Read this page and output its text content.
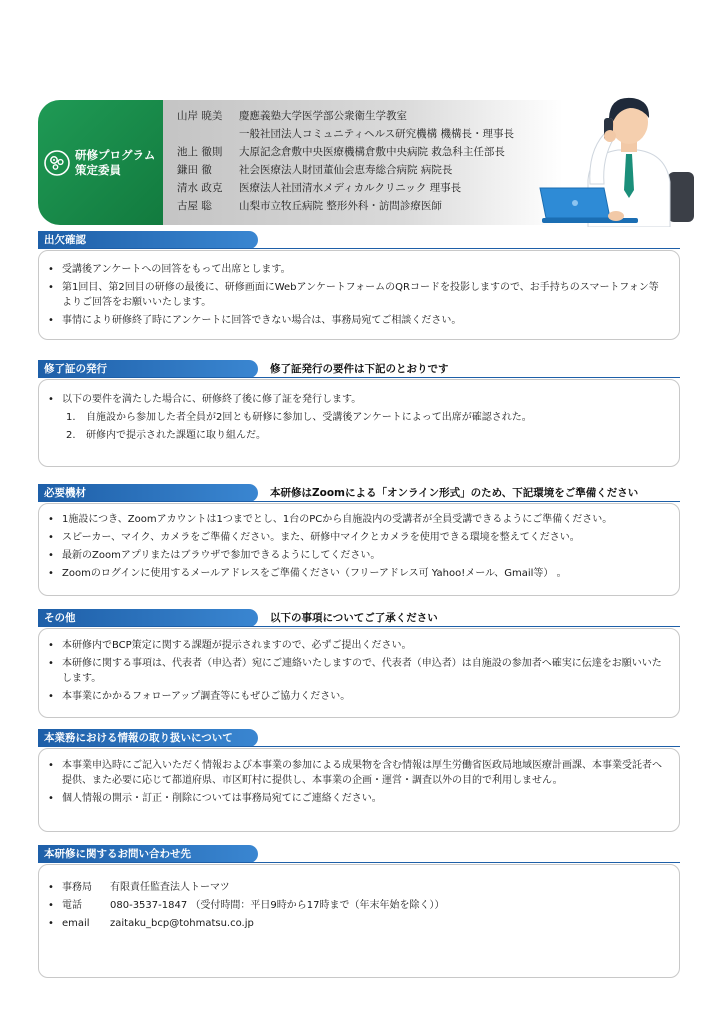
研修プログラム
策定委員
山岸 暁美	慶應義塾大学医学部公衆衛生学教室
一般社団法人コミュニティヘルス研究機構 機構長・理事長
池上 徹則	大原記念倉敷中央医療機構倉敷中央病院 救急科主任部長
鎌田 徹	社会医療法人財団董仙会恵寿総合病院 病院長
清水 政克	医療法人社団清水メディカルクリニック 理事長
古屋 聡	山梨市立牧丘病院 整形外科・訪問診療医師
出欠確認
• 受講後アンケートへの回答をもって出席とします。
• 第1回目、第2回目の研修の最後に、研修画面にWebアンケートフォームのQRコードを投影しますので、お手持ちのスマートフォン等よりご回答をお願いいたします。
• 事情により研修終了時にアンケートに回答できない場合は、事務局宛てご相談ください。
修了証の発行	修了証発行の要件は下記のとおりです
• 以下の要件を満たした場合に、研修終了後に修了証を発行します。
1. 自施設から参加した者全員が2回とも研修に参加し、受講後アンケートによって出席が確認された。
2. 研修内で提示された課題に取り組んだ。
必要機材	本研修はZoomによる「オンライン形式」のため、下記環境をご準備ください
• 1施設につき、Zoomアカウントは1つまでとし、1台のPCから自施設内の受講者が全員受講できるようにご準備ください。
• スピーカー、マイク、カメラをご準備ください。また、研修中マイクとカメラを使用できる環境を整えてください。
• 最新のZoomアプリまたはブラウザで参加できるようにしてください。
• Zoomのログインに使用するメールアドレスをご準備ください（フリーアドレス可 Yahoo!メール、Gmail等） 。
その他	以下の事項についてご了承ください
• 本研修内でBCP策定に関する課題が提示されますので、必ずご提出ください。
• 本研修に関する事項は、代表者（申込者）宛にご連絡いたしますので、代表者（申込者）は自施設の参加者へ確実に伝達をお願いいたします。
• 本事業にかかるフォローアップ調査等にもぜひご協力ください。
本業務における情報の取り扱いについて
• 本事業申込時にご記入いただく情報および本事業の参加による成果物を含む情報は厚生労働省医政局地域医療計画課、本事業受託者へ提供、また必要に応じて都道府県、市区町村に提供し、本事業の企画・運営・調査以外の目的で利用しません。
• 個人情報の開示・訂正・削除については事務局宛てにご連絡ください。
本研修に関するお問い合わせ先
• 事務局	有限責任監査法人トーマツ
• 電話	080-3537-1847 （受付時間：平日9時から17時まで（年末年始を除く））
• email	zaitaku_bcp@tohmatsu.co.jp
